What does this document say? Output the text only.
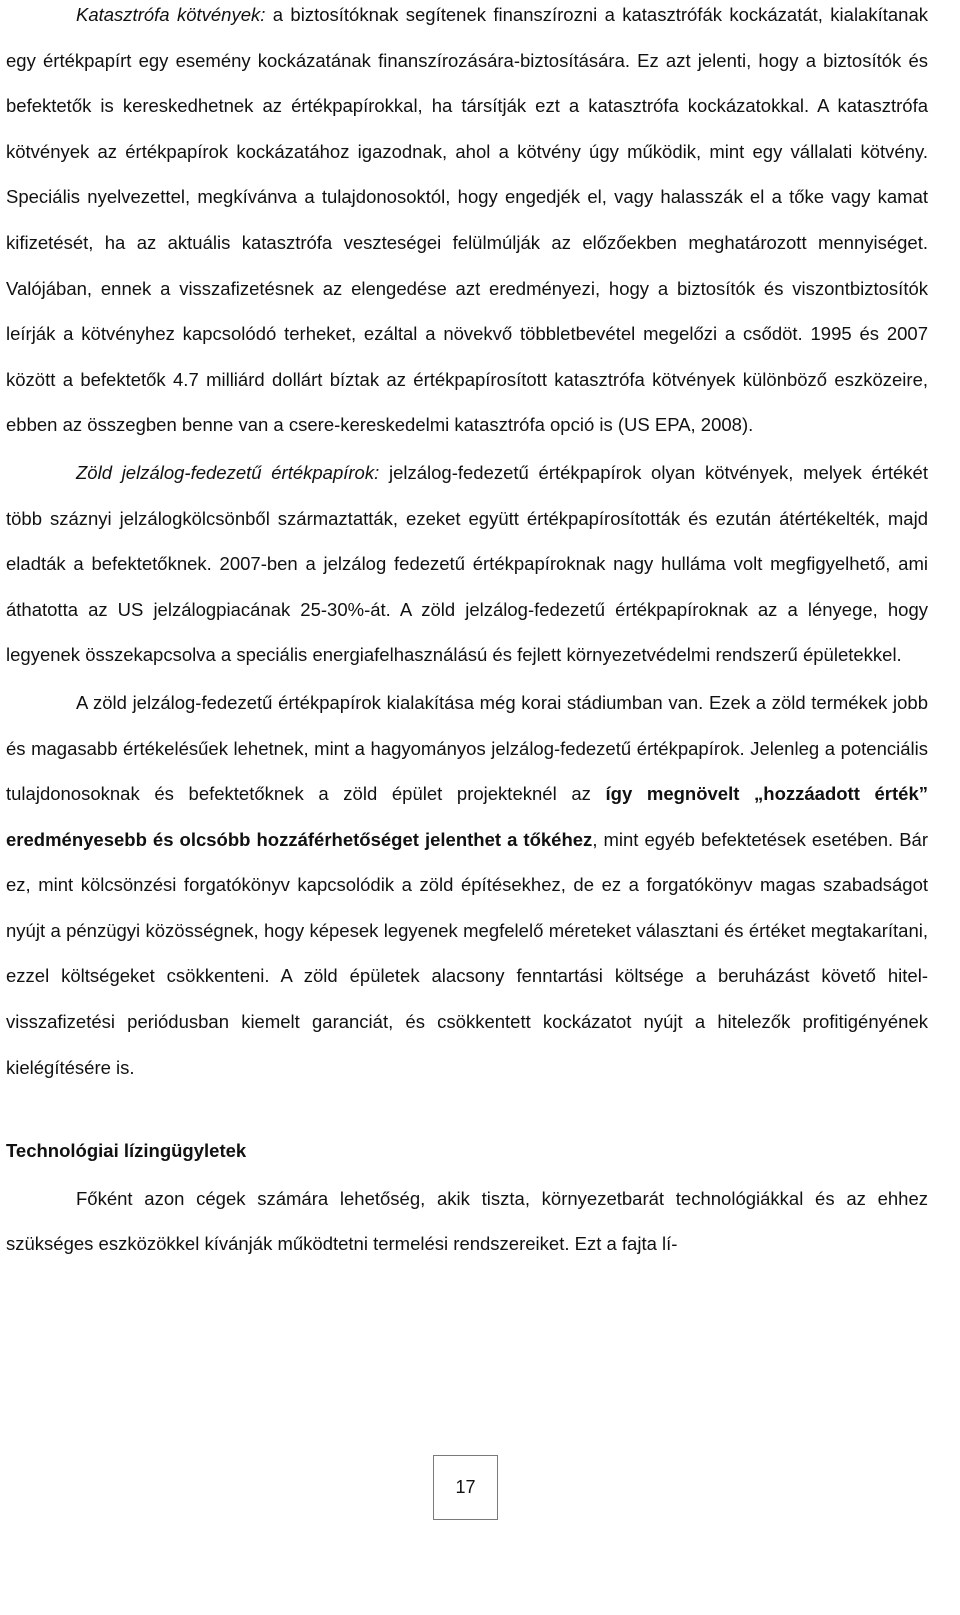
Katasztrófa kötvények: a biztosítóknak segítenek finanszírozni a katasztrófák kockázatát, kialakítanak egy értékpapírt egy esemény kockázatának finanszírozására-biztosítására. Ez azt jelenti, hogy a biztosítók és befektetők is kereskedhetnek az értékpapírokkal, ha társítják ezt a katasztrófa kockázatokkal. A katasztrófa kötvények az értékpapírok kockázatához igazodnak, ahol a kötvény úgy működik, mint egy vállalati kötvény. Speciális nyelvezettel, megkívánva a tulajdonosoktól, hogy engedjék el, vagy halasszák el a tőke vagy kamat kifizetését, ha az aktuális katasztrófa veszteségei felülmúlják az előzőekben meghatározott mennyiséget. Valójában, ennek a visszafizetésnek az elengedése azt eredményezi, hogy a biztosítók és viszontbiztosítók leírják a kötvényhez kapcsolódó terheket, ezáltal a növekvő többletbevétel megelőzi a csődöt. 1995 és 2007 között a befektetők 4.7 milliárd dollárt bíztak az értékpapírosított katasztrófa kötvények különböző eszközeire, ebben az összegben benne van a csere-kereskedelmi katasztrófa opció is (US EPA, 2008).

Zöld jelzálog-fedezetű értékpapírok: jelzálog-fedezetű értékpapírok olyan kötvények, melyek értékét több száznyi jelzálogkölcsönből származtatták, ezeket együtt értékpapírosították és ezután átértékelték, majd eladták a befektetőknek. 2007-ben a jelzálog fedezetű értékpapíroknak nagy hulláma volt megfigyelhető, ami áthatotta az US jelzálogpiacának 25-30%-át. A zöld jelzálog-fedezetű értékpapíroknak az a lényege, hogy legyenek összekapcsolva a speciális energiafelhasználású és fejlett környezetvédelmi rendszerű épületekkel.

A zöld jelzálog-fedezetű értékpapírok kialakítása még korai stádiumban van. Ezek a zöld termékek jobb és magasabb értékelésűek lehetnek, mint a hagyományos jelzálog-fedezetű értékpapírok. Jelenleg a potenciális tulajdonosoknak és befektetőknek a zöld épület projekteknél az így megnövelt „hozzáadott érték” eredményesebb és olcsóbb hozzáférhetőséget jelenthet a tőkéhez, mint egyéb befektetések esetében. Bár ez, mint kölcsönzési forgatókönyv kapcsolódik a zöld építésekhez, de ez a forgatókönyv magas szabadságot nyújt a pénzügyi közösségnek, hogy képesek legyenek megfelelő méreteket választani és értéket megtakarítani, ezzel költségeket csökkenteni. A zöld épületek alacsony fenntartási költsége a beruházást követő hitel-visszafizetési periódusban kiemelt garanciát, és csökkentett kockázatot nyújt a hitelezők profitigényének kielégítésére is.

Technológiai lízingügyletek

Főként azon cégek számára lehetőség, akik tiszta, környezetbarát technológiákkal és az ehhez szükséges eszközökkel kívánják működtetni termelési rendszereiket. Ezt a fajta lí-

17
